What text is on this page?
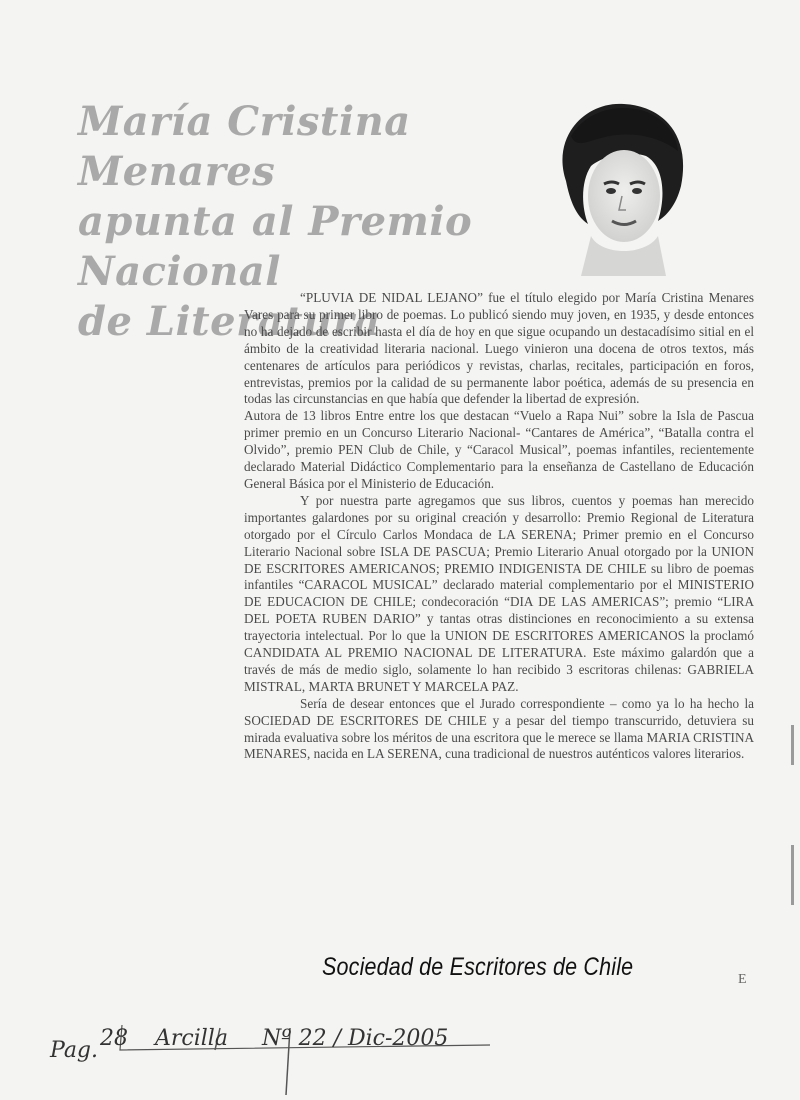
María Cristina Menares
apunta al Premio Nacional
de Literatura

“PLUVIA DE NIDAL LEJANO” fue el título elegido por María Cristina Menares Vares para su primer libro de poemas. Lo publicó siendo muy joven, en 1935, y desde entonces no ha dejado de escribir hasta el día de hoy en que sigue ocupando un destacadísimo sitial en el ámbito de la creatividad literaria nacional. Luego vinieron una docena de otros textos, más centenares de artículos para periódicos y revistas, charlas, recitales, participación en foros, entrevistas, premios por la calidad de su permanente labor poética, además de su presencia en todas las circunstancias en que había que defender la libertad de expresión.

Autora de 13 libros Entre entre los que destacan “Vuelo a Rapa Nui” sobre la Isla de Pascua primer premio en un Concurso Literario Nacional- “Cantares de América”, “Batalla contra el Olvido”, premio PEN Club de Chile, y “Caracol Musical”, poemas infantiles, recientemente declarado Material Didáctico Complementario para la enseñanza de Castellano de Educación General Básica por el Ministerio de Educación.

Y por nuestra parte agregamos que sus libros, cuentos y poemas han merecido importantes galardones por su original creación y desarrollo: Premio Regional de Literatura otorgado por el Círculo Carlos Mondaca de LA SERENA; Primer premio en el Concurso Literario Nacional sobre ISLA DE PASCUA; Premio Literario Anual otorgado por la UNION DE ESCRITORES AMERICANOS; PREMIO INDIGENISTA DE CHILE su libro de poemas infantiles “CARACOL MUSICAL” declarado material complementario por el MINISTERIO DE EDUCACION DE CHILE; condecoración “DIA DE LAS AMERICAS”; premio “LIRA DEL POETA RUBEN DARIO” y tantas otras distinciones en reconocimiento a su extensa trayectoria intelectual. Por lo que la UNION DE ESCRITORES AMERICANOS la proclamó CANDIDATA AL PREMIO NACIONAL DE LITERATURA. Este máximo galardón que a través de más de medio siglo, solamente lo han recibido 3 escritoras chilenas: GABRIELA MISTRAL, MARTA BRUNET Y MARCELA PAZ.

Sería de desear entonces que el Jurado correspondiente – como ya lo ha hecho la SOCIEDAD DE ESCRITORES DE CHILE y a pesar del tiempo transcurrido, detuviera su mirada evaluativa sobre los méritos de una escritora que le merece se llama MARIA CRISTINA MENARES, nacida en LA SERENA, cuna tradicional de nuestros auténticos valores literarios.

Sociedad de Escritores de Chile	E
Pag. 28 Arcilla Nº 22 / Dic-2005
